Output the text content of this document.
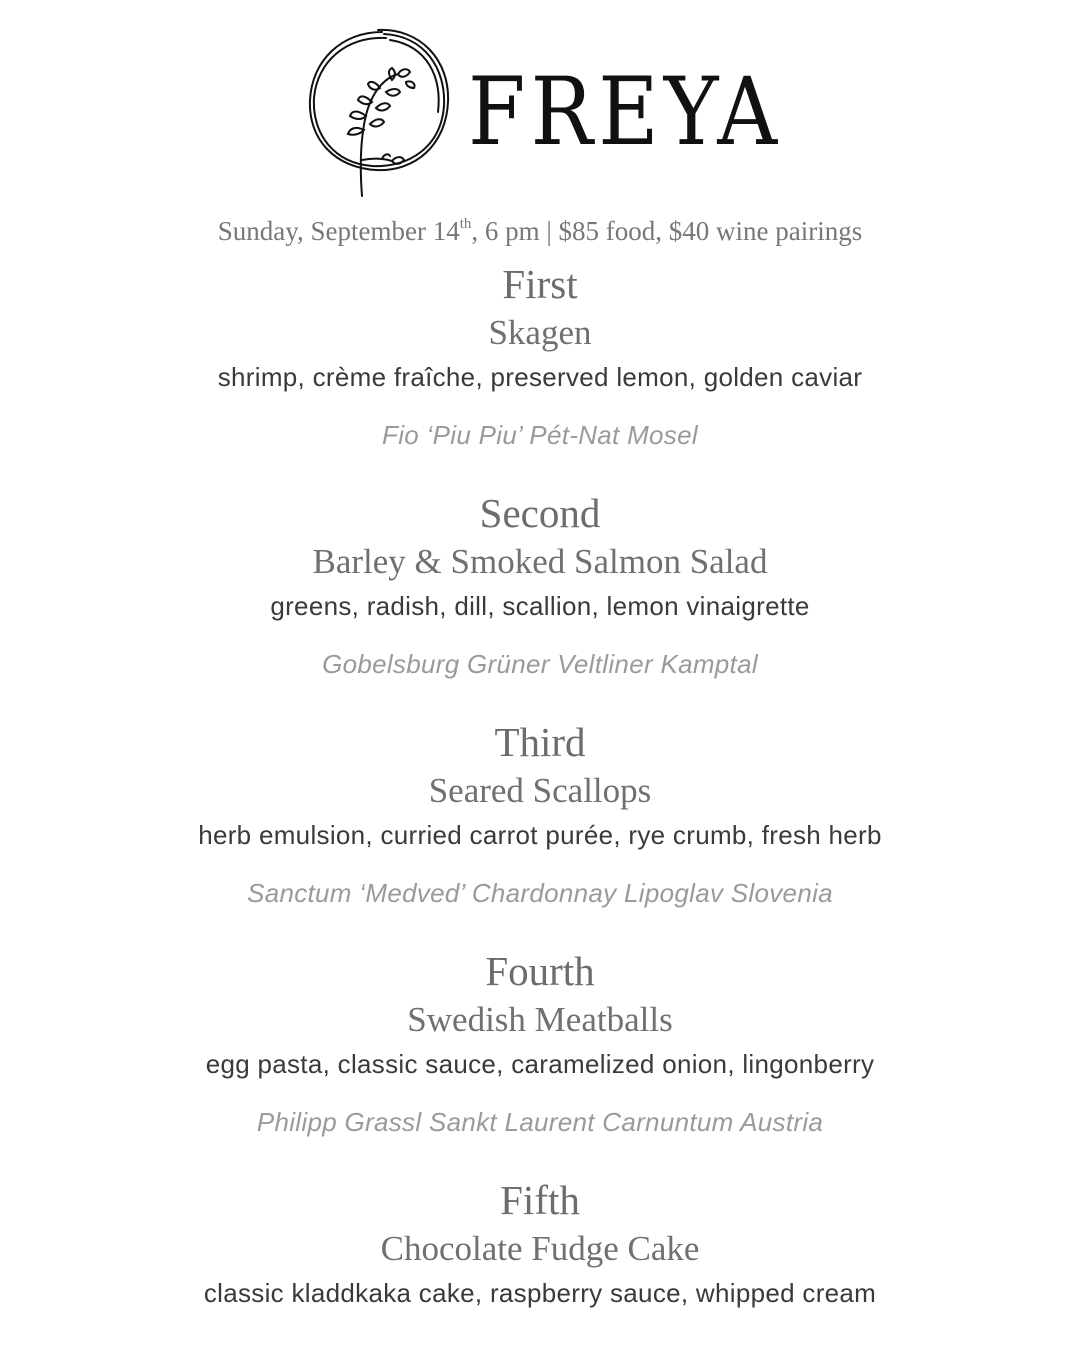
FREYA
Sunday, September 14th, 6 pm | $85 food, $40 wine pairings
First
Skagen
shrimp, crème fraîche, preserved lemon, golden caviar
Fio ‘Piu Piu’ Pét-Nat Mosel
Second
Barley & Smoked Salmon Salad
greens, radish, dill, scallion, lemon vinaigrette
Gobelsburg Grüner Veltliner Kamptal
Third
Seared Scallops
herb emulsion, curried carrot purée, rye crumb, fresh herb
Sanctum ‘Medved’ Chardonnay Lipoglav Slovenia
Fourth
Swedish Meatballs
egg pasta, classic sauce, caramelized onion, lingonberry
Philipp Grassl Sankt Laurent Carnuntum Austria
Fifth
Chocolate Fudge Cake
classic kladdkaka cake, raspberry sauce, whipped cream
